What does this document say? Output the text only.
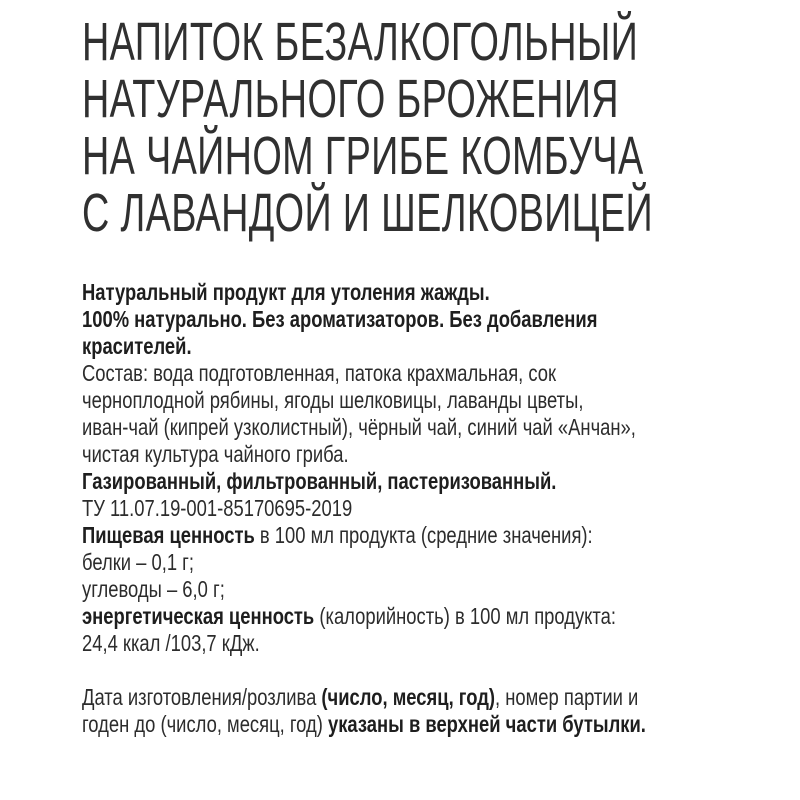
НАПИТОК БЕЗАЛКОГОЛЬНЫЙ
НАТУРАЛЬНОГО БРОЖЕНИЯ
НА ЧАЙНОМ ГРИБЕ КОМБУЧА
С ЛАВАНДОЙ И ШЕЛКОВИЦЕЙ
Натуральный продукт для утоления жажды.
100% натурально. Без ароматизаторов. Без добавления
красителей.
Состав: вода подготовленная, патока крахмальная, сок
черноплодной рябины, ягоды шелковицы, лаванды цветы,
иван-чай (кипрей узколистный), чёрный чай, синий чай «Анчан»,
чистая культура чайного гриба.
Газированный, фильтрованный, пастеризованный.
ТУ 11.07.19-001-85170695-2019
Пищевая ценность в 100 мл продукта (средние значения):
белки – 0,1 г;
углеводы – 6,0 г;
энергетическая ценность (калорийность) в 100 мл продукта:
24,4 ккал /103,7 кДж.
Дата изготовления/розлива (число, месяц, год), номер партии и
годен до (число, месяц, год) указаны в верхней части бутылки.
